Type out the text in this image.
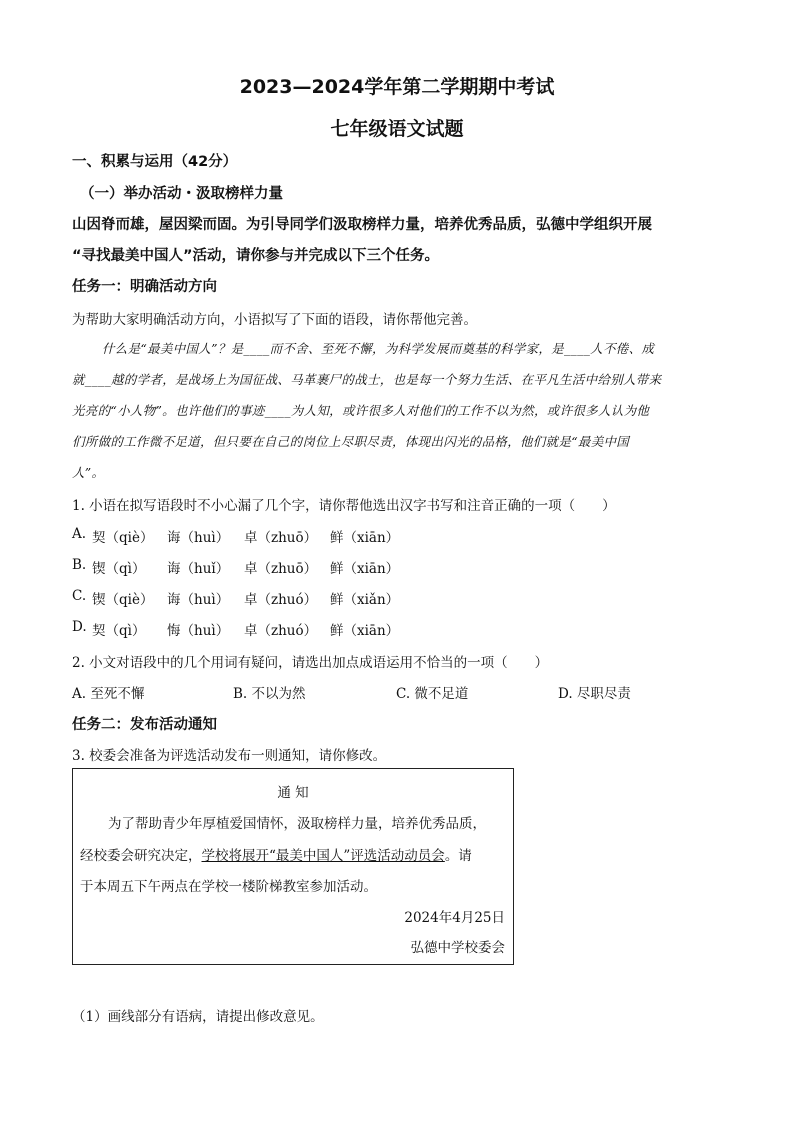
2023—2024学年第二学期期中考试
七年级语文试题
一、积累与运用（42分）
（一）举办活动・汲取榜样力量
山因脊而雄，屋因梁而固。为引导同学们汲取榜样力量，培养优秀品质，弘德中学组织开展
“寻找最美中国人”活动，请你参与并完成以下三个任务。
任务一：明确活动方向
为帮助大家明确活动方向，小语拟写了下面的语段，请你帮他完善。
什么是“最美中国人”？是____而不舍、至死不懈，为科学发展而奠基的科学家，是____人不倦、成
就____越的学者，是战场上为国征战、马革裹尸的战士，也是每一个努力生活、在平凡生活中给别人带来
光亮的“小人物”。也许他们的事迹____为人知，或许很多人对他们的工作不以为然，或许很多人认为他
们所做的工作微不足道，但只要在自己的岗位上尽职尽责，体现出闪光的品格，他们就是“最美中国
人”。
1. 小语在拟写语段时不小心漏了几个字，请你帮他选出汉字书写和注音正确的一项（　　）
A. 契（qiè） 诲（huì） 卓（zhuō） 鲜（xiān）
B. 锲（qì） 诲（huǐ） 卓（zhuō） 鲜（xiān）
C. 锲（qiè） 诲（huì） 卓（zhuó） 鲜（xiǎn）
D. 契（qì） 悔（huì） 卓（zhuó） 鲜（xiān）
2. 小文对语段中的几个用词有疑问，请选出加点成语运用不恰当的一项（　　）
A. 至死不懈	B. 不以为然	C. 微不足道	D. 尽职尽责
任务二：发布活动通知
3. 校委会准备为评选活动发布一则通知，请你修改。
通 知
为了帮助青少年厚植爱国情怀，汲取榜样力量，培养优秀品质，
经校委会研究决定，学校将展开“最美中国人”评选活动动员会。请
于本周五下午两点在学校一楼阶梯教室参加活动。
2024年4月25日
弘德中学校委会
（1）画线部分有语病，请提出修改意见。
